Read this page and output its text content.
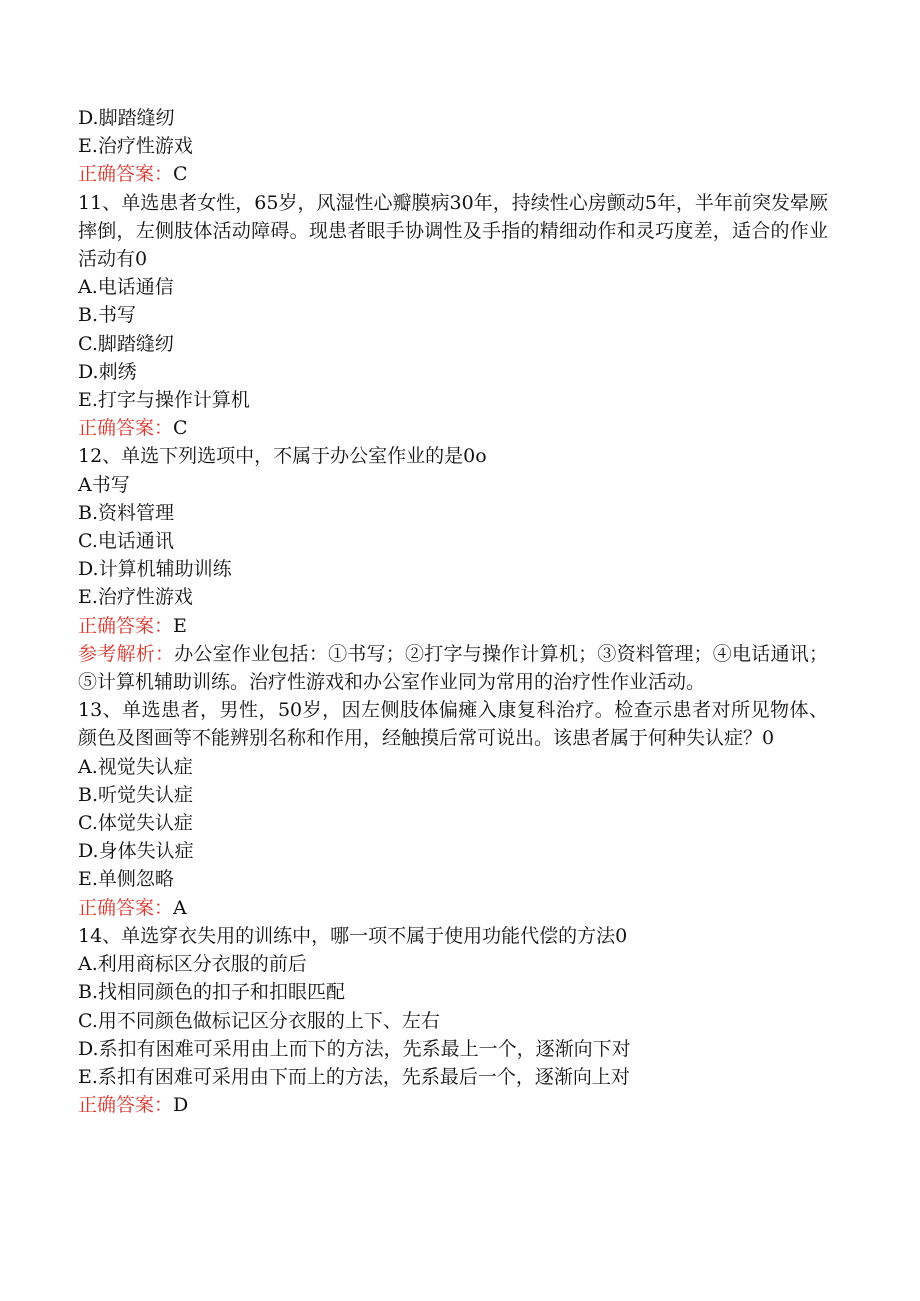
D.脚踏缝纫

E.治疗性游戏

正确答案：C

11、单选患者女性，65岁，风湿性心瓣膜病30年，持续性心房颤动5年，半年前突发晕厥摔倒，左侧肢体活动障碍。现患者眼手协调性及手指的精细动作和灵巧度差，适合的作业活动有0

A.电话通信

B.书写

C.脚踏缝纫

D.刺绣

E.打字与操作计算机

正确答案：C

12、单选下列选项中，不属于办公室作业的是0o

A书写

B.资料管理

C.电话通讯

D.计算机辅助训练

E.治疗性游戏

正确答案：E

参考解析：办公室作业包括：①书写；②打字与操作计算机；③资料管理；④电话通讯；⑤计算机辅助训练。治疗性游戏和办公室作业同为常用的治疗性作业活动。

13、单选患者，男性，50岁，因左侧肢体偏瘫入康复科治疗。检查示患者对所见物体、颜色及图画等不能辨别名称和作用，经触摸后常可说出。该患者属于何种失认症？0

A.视觉失认症

B.听觉失认症

C.体觉失认症

D.身体失认症

E.单侧忽略

正确答案：A

14、单选穿衣失用的训练中，哪一项不属于使用功能代偿的方法0

A.利用商标区分衣服的前后

B.找相同颜色的扣子和扣眼匹配

C.用不同颜色做标记区分衣服的上下、左右

D.系扣有困难可采用由上而下的方法，先系最上一个，逐渐向下对

E.系扣有困难可采用由下而上的方法，先系最后一个，逐渐向上对

正确答案：D
